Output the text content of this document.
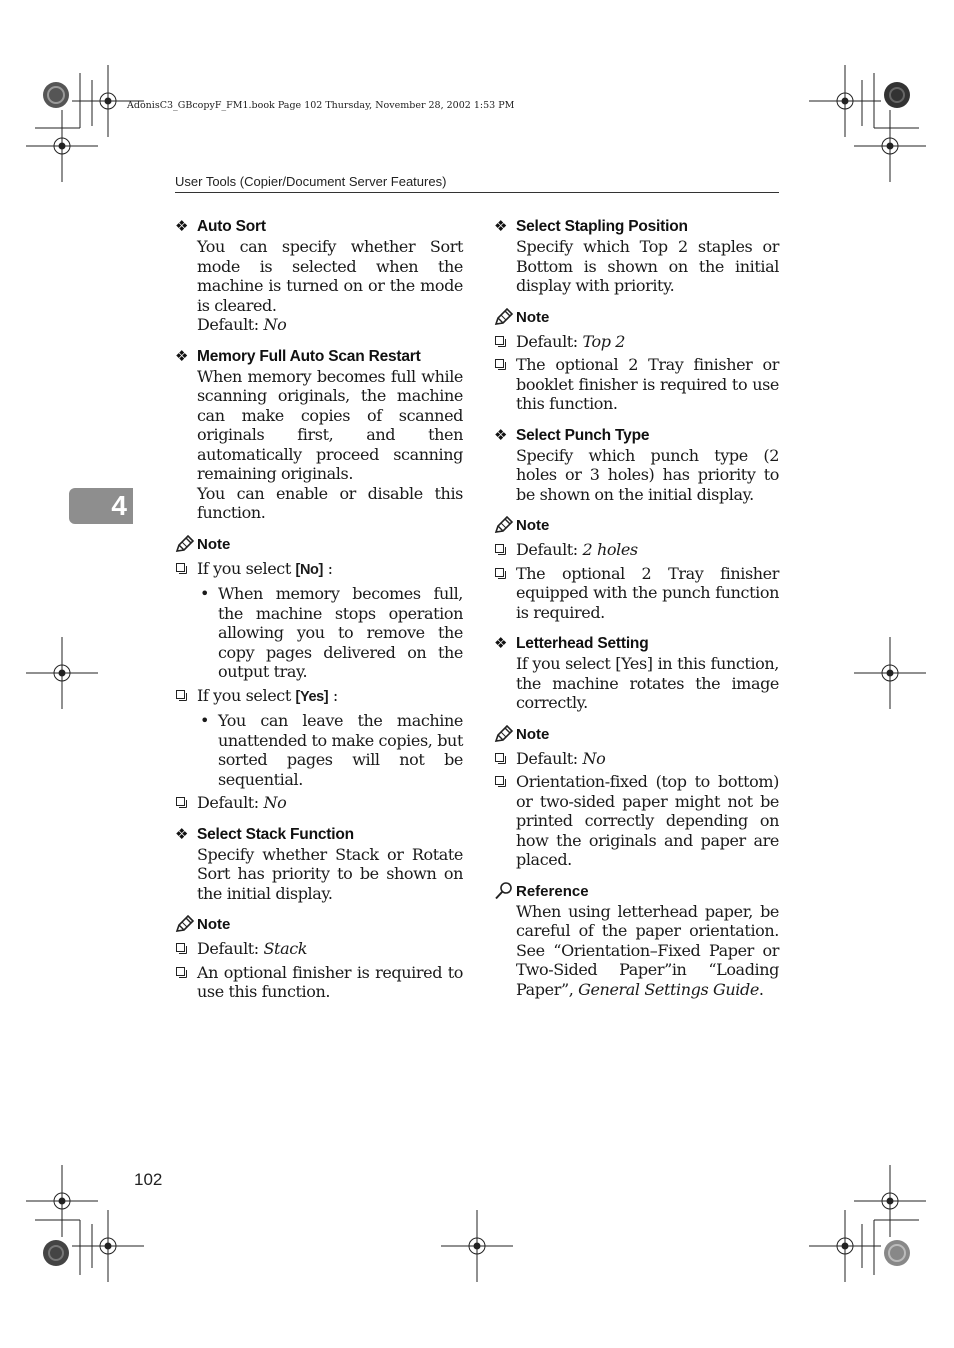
AdonisC3_GBcopyF_FM1.book Page 102 Thursday, November 28, 2002 1:53 PM
User Tools (Copier/Document Server Features)
4
102
❖ Auto Sort

You can specify whether Sort mode is selected when the machine is turned on or the mode is cleared.

Default: No

❖ Memory Full Auto Scan Restart

When memory becomes full while scanning originals, the machine can make copies of scanned originals first, and then automatically proceed scanning remaining originals.

You can enable or disable this function.

Note
If you select [No] :
• When memory becomes full, the machine stops operation allowing you to remove the copy pages delivered on the output tray.
If you select [Yes] :
• You can leave the machine unattended to make copies, but sorted pages will not be sequential.
Default: No
❖ Select Stack Function

Specify whether Stack or Rotate Sort has priority to be shown on the initial display.

Note
Default: Stack
An optional finisher is required to use this function.
❖ Select Stapling Position

Specify which Top 2 staples or Bottom is shown on the initial display with priority.

Note
Default: Top 2
The optional 2 Tray finisher or booklet finisher is required to use this function.
❖ Select Punch Type

Specify which punch type (2 holes or 3 holes) has priority to be shown on the initial display.

Note
Default: 2 holes
The optional 2 Tray finisher equipped with the punch function is required.
❖ Letterhead Setting

If you select [Yes] in this function, the machine rotates the image correctly.

Note
Default: No
Orientation-fixed (top to bottom) or two-sided paper might not be printed correctly depending on how the originals and paper are placed.
Reference

When using letterhead paper, be careful of the paper orientation. See “Orientation–Fixed Paper or Two-Sided Paper”in “Loading Paper”, General Settings Guide.
